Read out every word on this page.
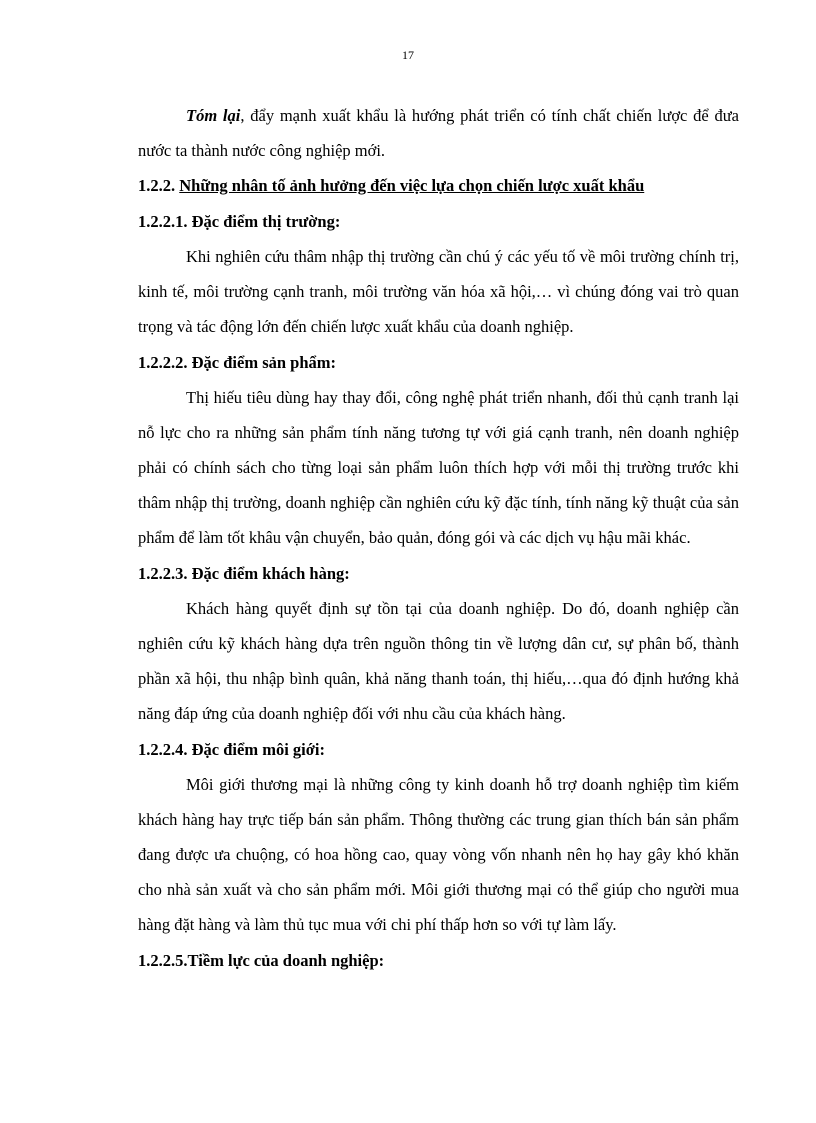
17

Tóm lại, đẩy mạnh xuất khẩu là hướng phát triển có tính chất chiến lược để đưa nước ta thành nước công nghiệp mới.

1.2.2. Những nhân tố ảnh hưởng đến việc lựa chọn chiến lược xuất khẩu

1.2.2.1. Đặc điểm thị trường:

Khi nghiên cứu thâm nhập thị trường cần chú ý các yếu tố về môi trường chính trị, kinh tế, môi trường cạnh tranh, môi trường văn hóa xã hội,… vì chúng đóng vai trò quan trọng và tác động lớn đến chiến lược xuất khẩu của doanh nghiệp.

1.2.2.2. Đặc điểm sản phẩm:

Thị hiếu tiêu dùng hay thay đổi, công nghệ phát triển nhanh, đối thủ cạnh tranh lại nỗ lực cho ra những sản phẩm tính năng tương tự với giá cạnh tranh, nên doanh nghiệp phải có chính sách cho từng loại sản phẩm luôn thích hợp với mỗi thị trường trước khi thâm nhập thị trường, doanh nghiệp cần nghiên cứu kỹ đặc tính, tính năng kỹ thuật của sản phẩm để làm tốt khâu vận chuyển, bảo quản, đóng gói và các dịch vụ hậu mãi khác.

1.2.2.3. Đặc điểm khách hàng:

Khách hàng quyết định sự tồn tại của doanh nghiệp. Do đó, doanh nghiệp cần nghiên cứu kỹ khách hàng dựa trên nguồn thông tin về lượng dân cư, sự phân bố, thành phần xã hội, thu nhập bình quân, khả năng thanh toán, thị hiếu,…qua đó định hướng khả năng đáp ứng của doanh nghiệp đối với nhu cầu của khách hàng.

1.2.2.4. Đặc điểm môi giới:

Môi giới thương mại là những công ty kinh doanh hỗ trợ doanh nghiệp tìm kiếm khách hàng hay trực tiếp bán sản phẩm. Thông thường các trung gian thích bán sản phẩm đang được ưa chuộng, có hoa hồng cao, quay vòng vốn nhanh nên họ hay gây khó khăn cho nhà sản xuất và cho sản phẩm mới. Môi giới thương mại có thể giúp cho người mua hàng đặt hàng và làm thủ tục mua với chi phí thấp hơn so với tự làm lấy.

1.2.2.5.Tiềm lực của doanh nghiệp:
